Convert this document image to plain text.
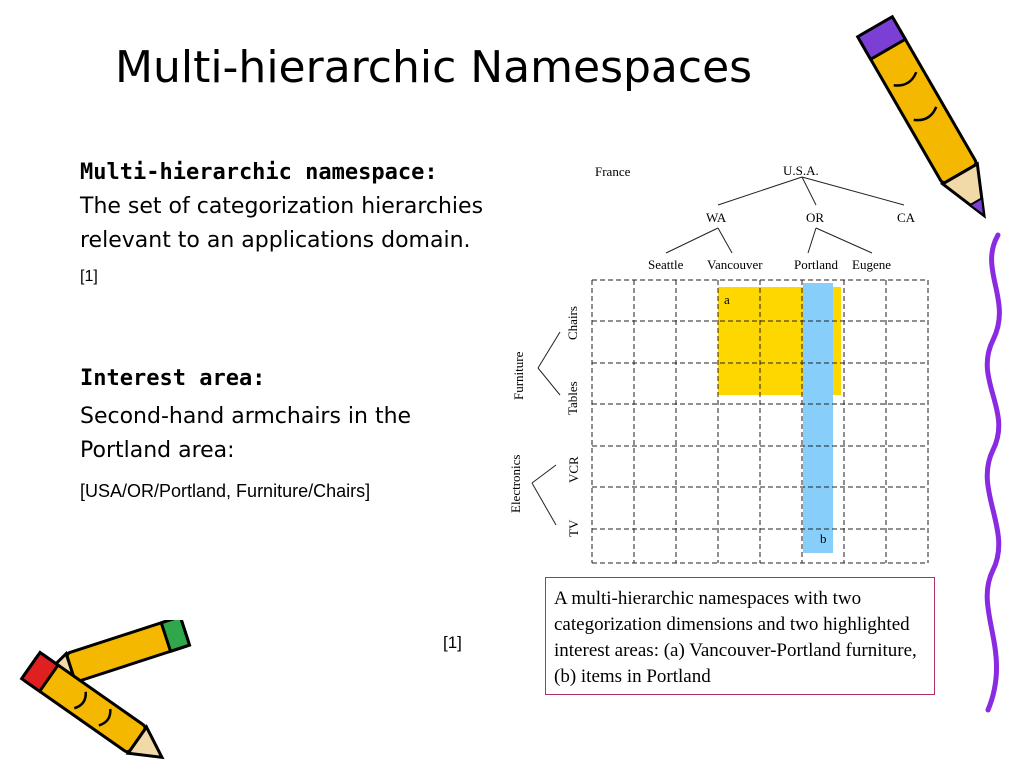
Multi-hierarchic Namespaces
Multi-hierarchic namespace:
The set of categorization hierarchies relevant to an applications domain. [1]
Interest area:
Second-hand armchairs in the Portland area:
[USA/OR/Portland, Furniture/Chairs]
[1]
A multi-hierarchic namespaces with two categorization dimensions and two highlighted interest areas: (a) Vancouver-Portland furniture, (b) items in Portland
a
b
France	U.S.A.
WA	OR	CA
Seattle Vancouver Portland Eugene
Furniture
Electronics
Chairs
Tables
VCR
TV
